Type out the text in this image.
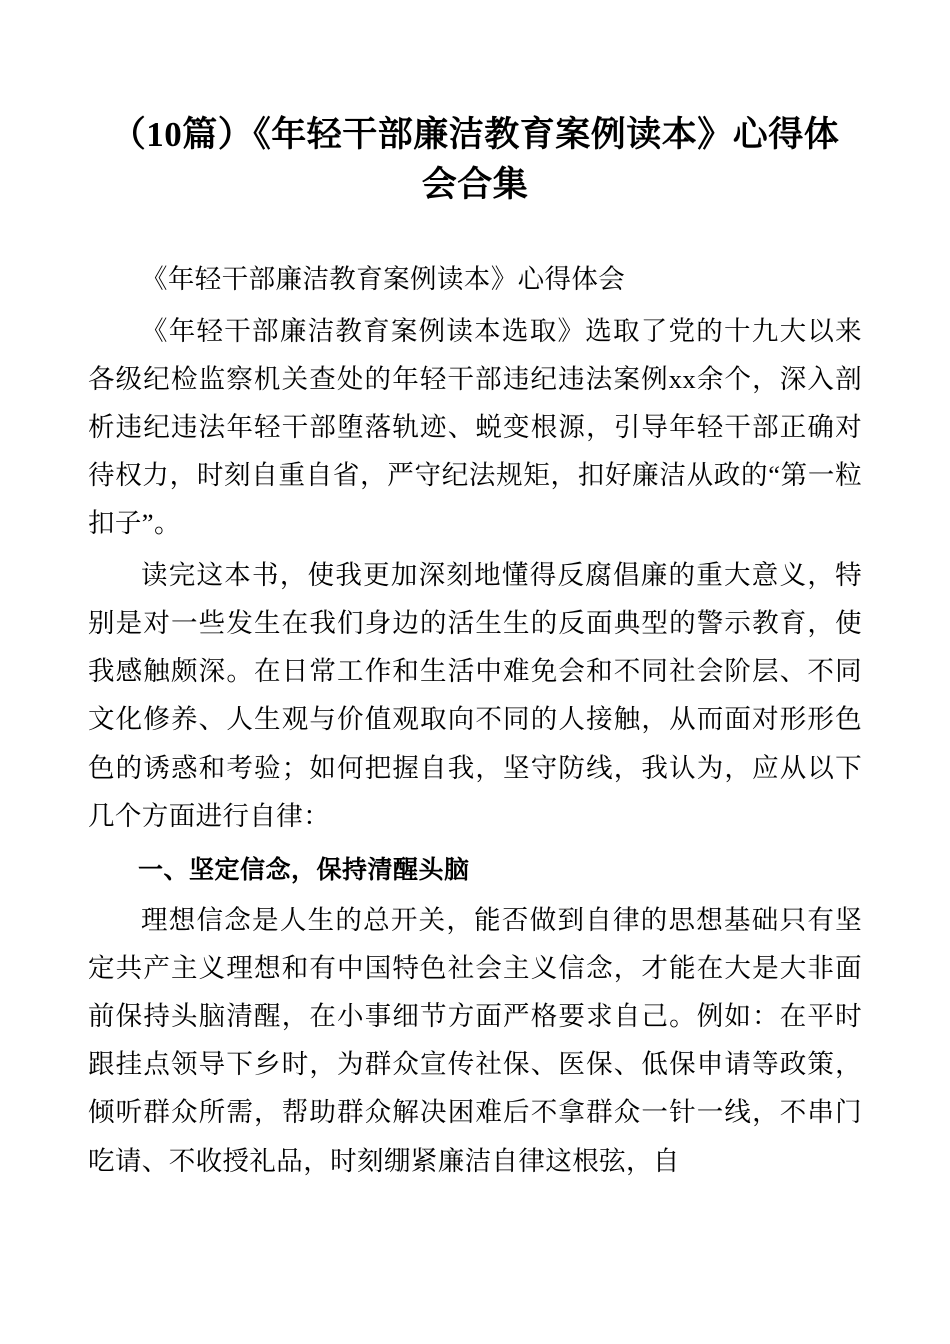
（10篇）《年轻干部廉洁教育案例读本》心得体会合集

《年轻干部廉洁教育案例读本》心得体会

《年轻干部廉洁教育案例读本选取》选取了党的十九大以来各级纪检监察机关查处的年轻干部违纪违法案例xx余个，深入剖析违纪违法年轻干部堕落轨迹、蜕变根源，引导年轻干部正确对待权力，时刻自重自省，严守纪法规矩，扣好廉洁从政的“第一粒扣子”。

读完这本书，使我更加深刻地懂得反腐倡廉的重大意义，特别是对一些发生在我们身边的活生生的反面典型的警示教育，使我感触颇深。在日常工作和生活中难免会和不同社会阶层、不同文化修养、人生观与价值观取向不同的人接触，从而面对形形色色的诱惑和考验；如何把握自我，坚守防线，我认为，应从以下几个方面进行自律：

一、坚定信念，保持清醒头脑

理想信念是人生的总开关，能否做到自律的思想基础只有坚定共产主义理想和有中国特色社会主义信念，才能在大是大非面前保持头脑清醒，在小事细节方面严格要求自己。例如：在平时跟挂点领导下乡时，为群众宣传社保、医保、低保申请等政策，倾听群众所需，帮助群众解决困难后不拿群众一针一线，不串门吃请、不收授礼品，时刻绷紧廉洁自律这根弦，自
